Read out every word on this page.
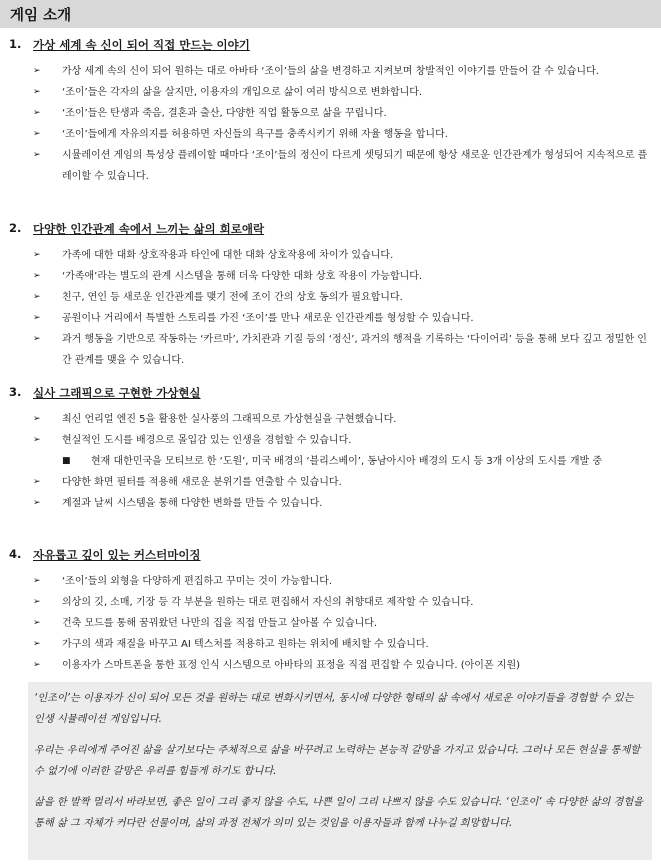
게임 소개
1. 가상 세계 속 신이 되어 직접 만드는 이야기
➢ 가상 세계 속의 신이 되어 원하는 대로 아바타 ‘조이’들의 삶을 변경하고 지켜보며 창발적인 이야기를 만들어 갈 수 있습니다.
➢ ‘조이’들은 각자의 삶을 살지만, 이용자의 개입으로 삶이 여러 방식으로 변화합니다.
➢ ‘조이’들은 탄생과 죽음, 결혼과 출산, 다양한 직업 활동으로 삶을 꾸립니다.
➢ ‘조이’들에게 자유의지를 허용하면 자신들의 욕구를 충족시키기 위해 자율 행동을 합니다.
➢ 시뮬레이션 게임의 특성상 플레이할 때마다 ‘조이’들의 정신이 다르게 셋팅되기 때문에 항상 새로운 인간관계가 형성되어 지속적으로 플레이할 수 있습니다.
2. 다양한 인간관계 속에서 느끼는 삶의 희로애락
➢ 가족에 대한 대화 상호작용과 타인에 대한 대화 상호작용에 차이가 있습니다.
➢ ‘가족애’라는 별도의 관계 시스템을 통해 더욱 다양한 대화 상호 작용이 가능합니다.
➢ 친구, 연인 등 새로운 인간관계를 맺기 전에 조이 간의 상호 동의가 필요합니다.
➢ 공원이나 거리에서 특별한 스토리를 가진 ‘조이’를 만나 새로운 인간관계를 형성할 수 있습니다.
➢ 과거 행동을 기반으로 작동하는 ‘카르마’, 가치관과 기질 등의 ‘정신’, 과거의 행적을 기록하는 ‘다이어리’ 등을 통해 보다 깊고 정밀한 인간 관계를 맺을 수 있습니다.
3. 실사 그래픽으로 구현한 가상현실
➢ 최신 언리얼 엔진 5을 활용한 실사풍의 그래픽으로 가상현실을 구현했습니다.
➢ 현실적인 도시를 배경으로 몰입감 있는 인생을 경험할 수 있습니다.
■ 현재 대한민국을 모티브로 한 ‘도원’, 미국 배경의 ‘블리스베이’, 동남아시아 배경의 도시 등 3개 이상의 도시를 개발 중
➢ 다양한 화면 필터를 적용해 새로운 분위기를 연출할 수 있습니다.
➢ 계절과 날씨 시스템을 통해 다양한 변화를 만들 수 있습니다.
4. 자유롭고 깊이 있는 커스터마이징
➢ ‘조이’들의 외형을 다양하게 편집하고 꾸미는 것이 가능합니다.
➢ 의상의 깃, 소매, 기장 등 각 부분을 원하는 대로 편집해서 자신의 취향대로 제작할 수 있습니다.
➢ 건축 모드를 통해 꿈꿔왔던 나만의 집을 직접 만들고 살아볼 수 있습니다.
➢ 가구의 색과 재질을 바꾸고 AI 텍스처를 적용하고 원하는 위치에 배치할 수 있습니다.
➢ 이용자가 스마트폰을 통한 표정 인식 시스템으로 아바타의 표정을 직접 편집할 수 있습니다. (아이폰 지원)

‘인조이’는 이용자가 신이 되어 모든 것을 원하는 대로 변화시키면서, 동시에 다양한 형태의 삶 속에서 새로운 이야기들을 경험할 수 있는 인생 시뮬레이션 게임입니다.

우리는 우리에게 주어진 삶을 살기보다는 주체적으로 삶을 바꾸려고 노력하는 본능적 갈망을 가지고 있습니다. 그러나 모든 현실을 통제할 수 없기에 이러한 갈망은 우리를 힘들게 하기도 합니다.

삶을 한 발짝 멀리서 바라보면, 좋은 일이 그리 좋지 않을 수도, 나쁜 일이 그리 나쁘지 않을 수도 있습니다. ‘인조이’ 속 다양한 삶의 경험을 통해 삶 그 자체가 커다란 선물이며, 삶의 과정 전체가 의미 있는 것임을 이용자들과 함께 나누길 희망합니다.
